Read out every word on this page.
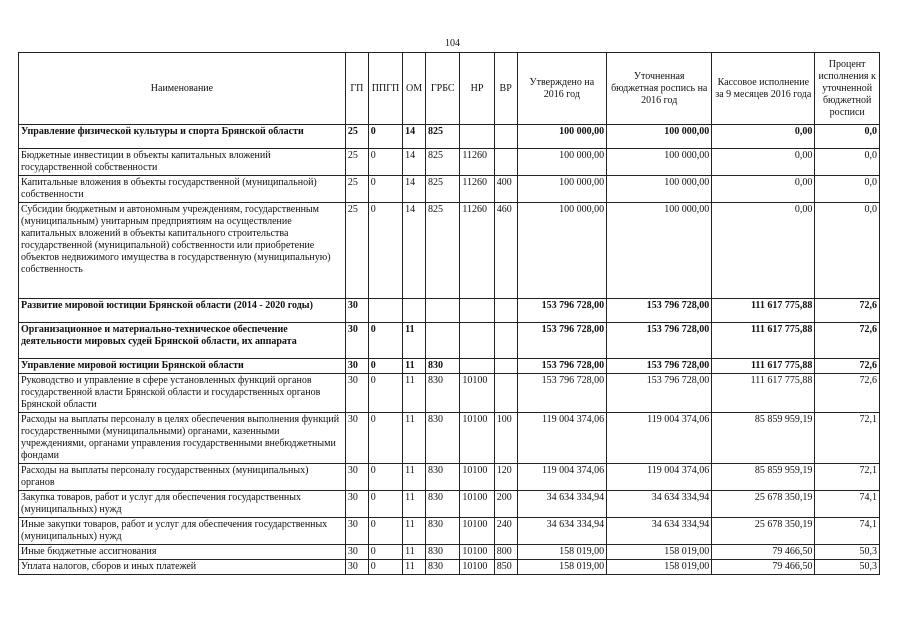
104
Наименование	ГП	ППГП	ОМ	ГРБС	НР	ВР	Утверждено на 2016 год	Уточненная бюджетная роспись на 2016 год	Кассовое исполнение за 9 месяцев 2016 года	Процент исполнения к уточненной бюджетной росписи
Управление физической культуры и спорта Брянской области	25	0	14	825			100 000,00	100 000,00	0,00	0,0
Бюджетные инвестиции в объекты капитальных вложений государственной собственности	25	0	14	825	11260		100 000,00	100 000,00	0,00	0,0
Капитальные вложения в объекты государственной (муниципальной) собственности	25	0	14	825	11260	400	100 000,00	100 000,00	0,00	0,0
Субсидии бюджетным и автономным учреждениям, государственным (муниципальным) унитарным предприятиям на осуществление капитальных вложений в объекты капитального строительства государственной (муниципальной) собственности или приобретение объектов недвижимого имущества в государственную (муниципальную) собственность	25	0	14	825	11260	460	100 000,00	100 000,00	0,00	0,0
Развитие мировой юстиции Брянской области (2014 - 2020 годы)	30						153 796 728,00	153 796 728,00	111 617 775,88	72,6
Организационное и материально-техническое обеспечение деятельности мировых судей Брянской области, их аппарата	30	0	11				153 796 728,00	153 796 728,00	111 617 775,88	72,6
Управление мировой юстиции Брянской области	30	0	11	830			153 796 728,00	153 796 728,00	111 617 775,88	72,6
Руководство и управление в сфере установленных функций органов государственной власти Брянской области и государственных органов Брянской области	30	0	11	830	10100		153 796 728,00	153 796 728,00	111 617 775,88	72,6
Расходы на выплаты персоналу в целях обеспечения выполнения функций государственными (муниципальными) органами, казенными учреждениями, органами управления государственными внебюджетными фондами	30	0	11	830	10100	100	119 004 374,06	119 004 374,06	85 859 959,19	72,1
Расходы на выплаты персоналу государственных (муниципальных) органов	30	0	11	830	10100	120	119 004 374,06	119 004 374,06	85 859 959,19	72,1
Закупка товаров, работ и услуг для обеспечения государственных (муниципальных) нужд	30	0	11	830	10100	200	34 634 334,94	34 634 334,94	25 678 350,19	74,1
Иные закупки товаров, работ и услуг для обеспечения государственных (муниципальных) нужд	30	0	11	830	10100	240	34 634 334,94	34 634 334,94	25 678 350,19	74,1
Иные бюджетные ассигнования	30	0	11	830	10100	800	158 019,00	158 019,00	79 466,50	50,3
Уплата налогов, сборов и иных платежей	30	0	11	830	10100	850	158 019,00	158 019,00	79 466,50	50,3
